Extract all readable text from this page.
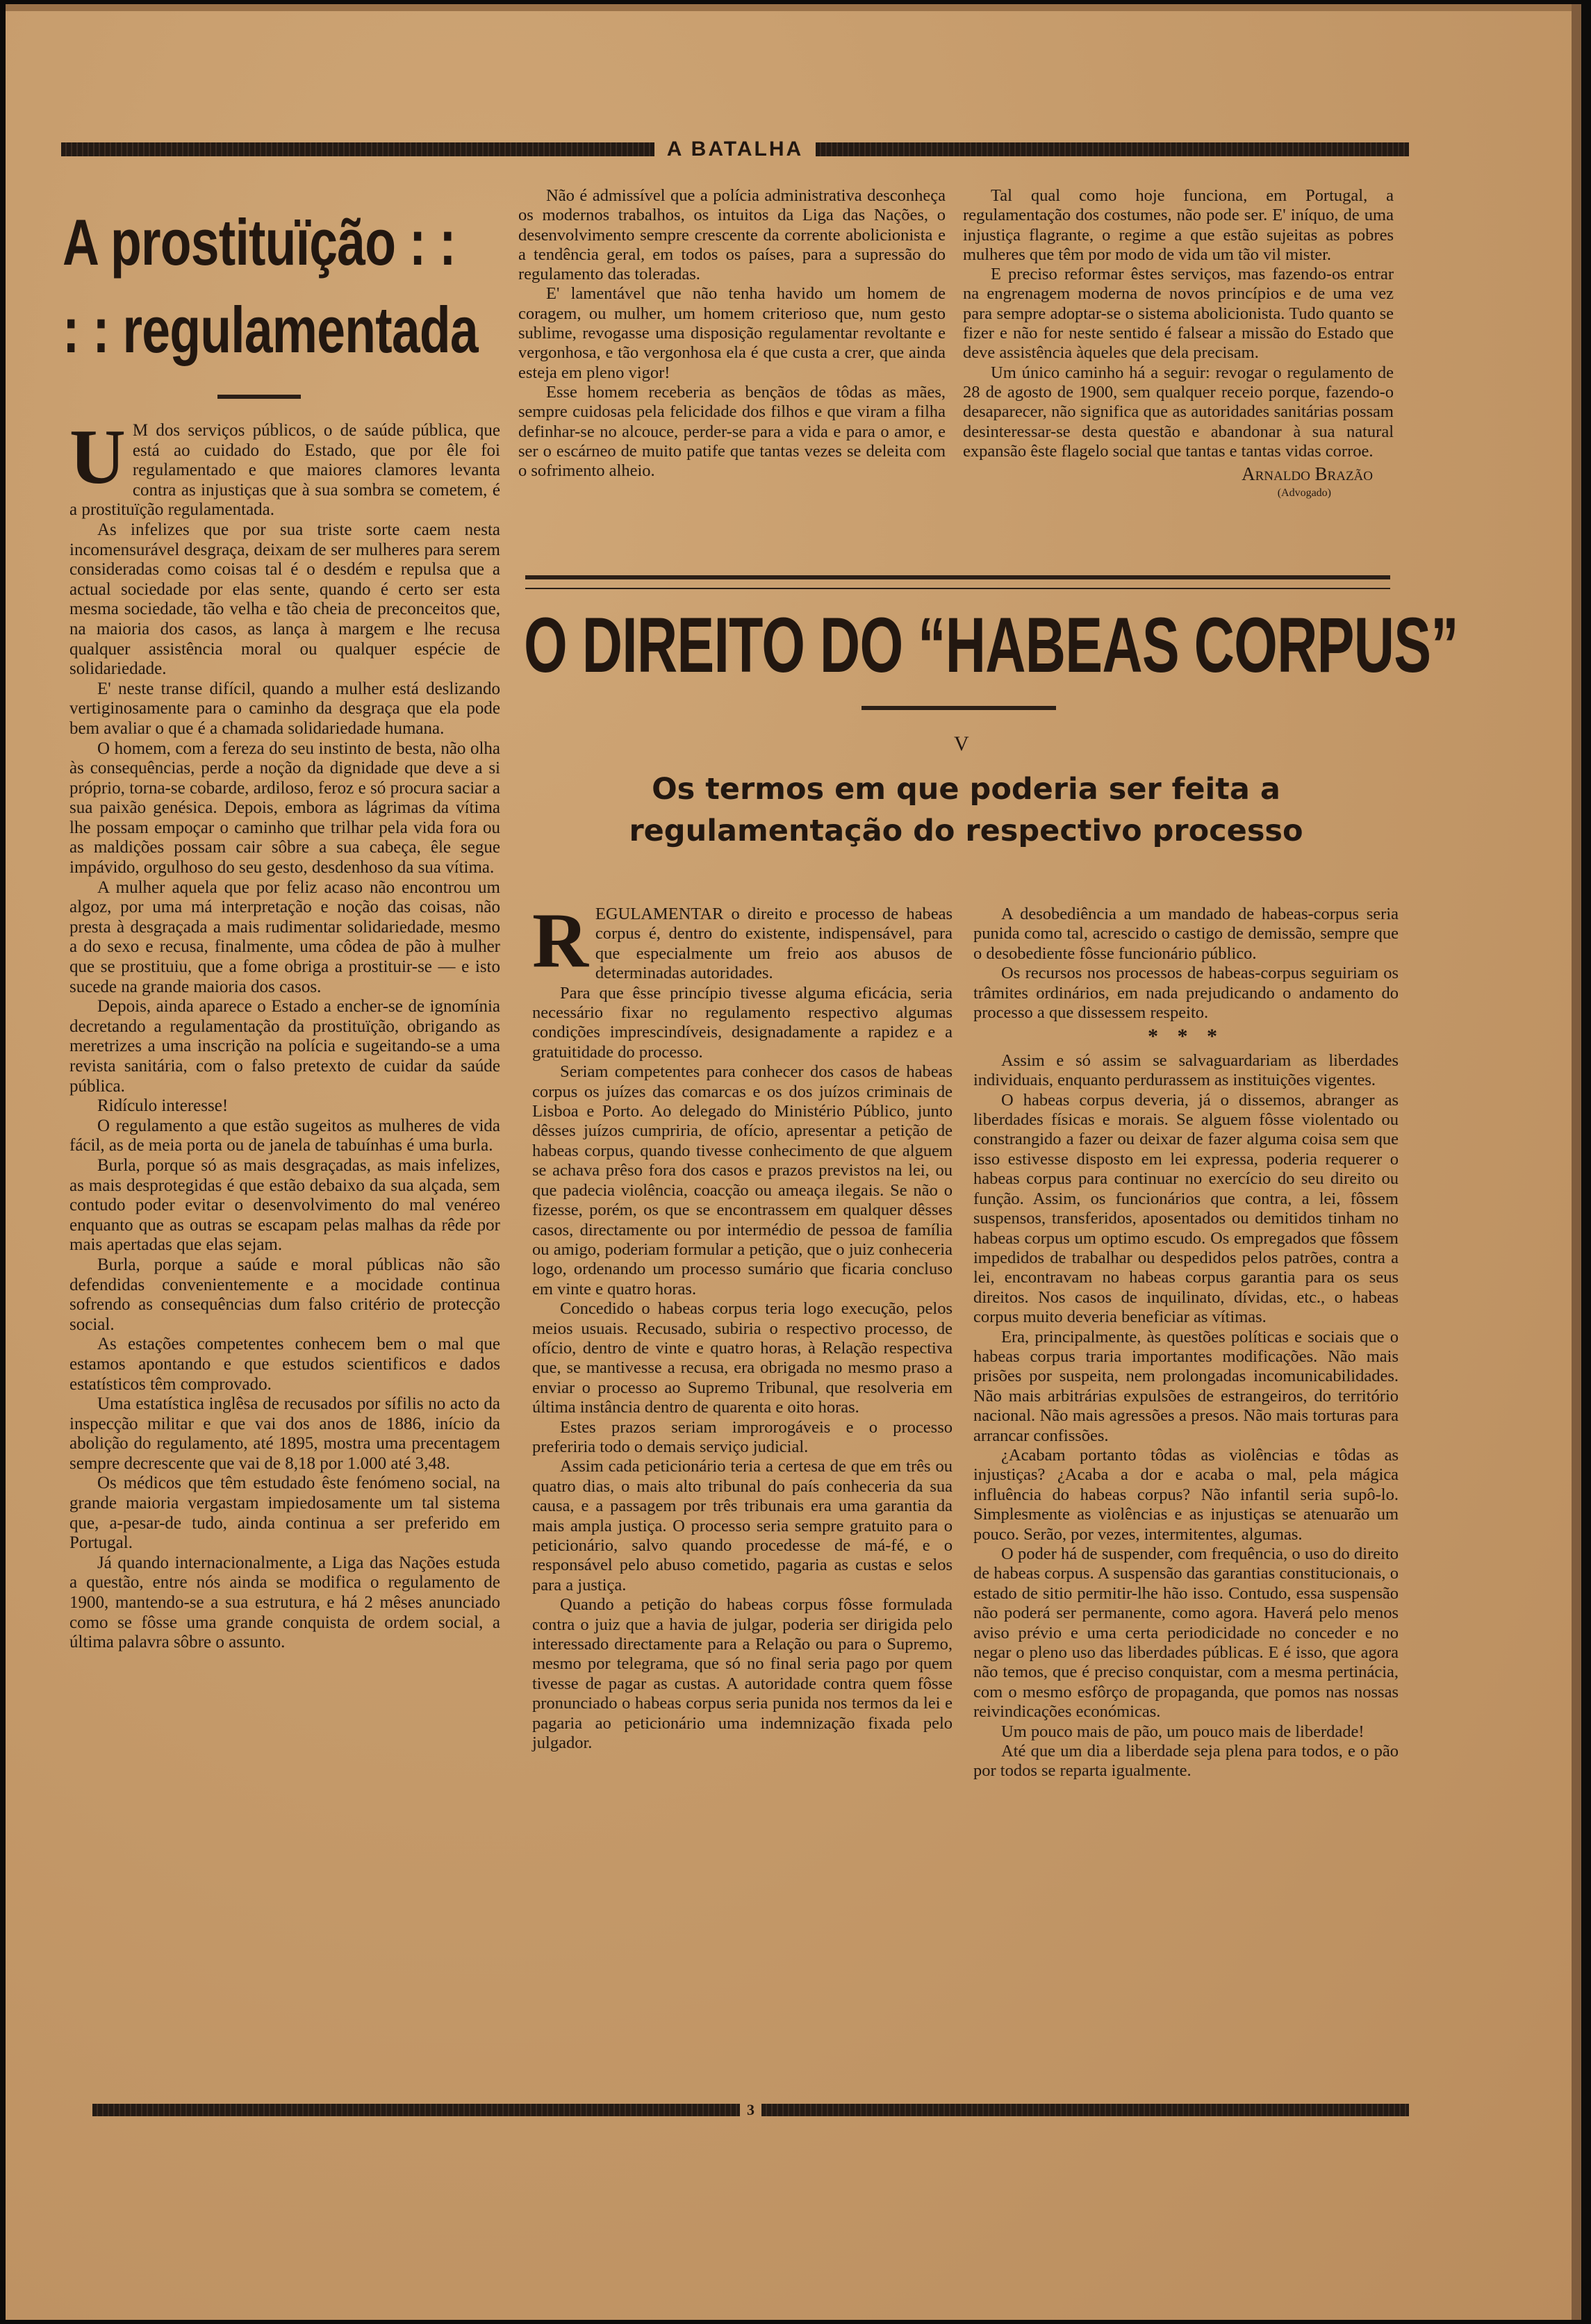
A BATALHA
A prostituïção : :
: : regulamentada

U M dos serviços públicos, o de saúde pública, que está ao cuidado do Estado, que por êle foi regulamentado e que maiores clamores levanta contra as injustiças que à sua sombra se cometem, é a prostituïção regulamentada.

As infelizes que por sua triste sorte caem nesta incomensurável desgraça, deixam de ser mulheres para serem consideradas como coisas tal é o desdém e repulsa que a actual sociedade por elas sente, quando é certo ser esta mesma sociedade, tão velha e tão cheia de preconceitos que, na maioria dos casos, as lança à margem e lhe recusa qualquer assistência moral ou qualquer espécie de solidariedade.

E' neste transe difícil, quando a mulher está deslizando vertiginosamente para o caminho da desgraça que ela pode bem avaliar o que é a chamada solidariedade humana.

O homem, com a fereza do seu instinto de besta, não olha às consequências, perde a noção da dignidade que deve a si próprio, torna-se cobarde, ardiloso, feroz e só procura saciar a sua paixão genésica. Depois, embora as lágrimas da vítima lhe possam empoçar o caminho que trilhar pela vida fora ou as maldições possam cair sôbre a sua cabeça, êle segue impávido, orgulhoso do seu gesto, desdenhoso da sua vítima.

A mulher aquela que por feliz acaso não encontrou um algoz, por uma má interpretação e noção das coisas, não presta à desgraçada a mais rudimentar solidariedade, mesmo a do sexo e recusa, finalmente, uma côdea de pão à mulher que se prostituiu, que a fome obriga a prostituir-se — e isto sucede na grande maioria dos casos.

Depois, ainda aparece o Estado a encher-se de ignomínia decretando a regulamentação da prostituïção, obrigando as meretrizes a uma inscrição na polícia e sugeitando-se a uma revista sanitária, com o falso pretexto de cuidar da saúde pública.

Ridículo interesse!

O regulamento a que estão sugeitos as mulheres de vida fácil, as de meia porta ou de janela de tabuínhas é uma burla.

Burla, porque só as mais desgraçadas, as mais infelizes, as mais desprotegidas é que estão debaixo da sua alçada, sem contudo poder evitar o desenvolvimento do mal venéreo enquanto que as outras se escapam pelas malhas da rêde por mais apertadas que elas sejam.

Burla, porque a saúde e moral públicas não são defendidas convenientemente e a mocidade continua sofrendo as consequências dum falso critério de protecção social.

As estações competentes conhecem bem o mal que estamos apontando e que estudos scientificos e dados estatísticos têm comprovado.

Uma estatística inglêsa de recusados por sífilis no acto da inspecção militar e que vai dos anos de 1886, início da abolição do regulamento, até 1895, mostra uma precentagem sempre decrescente que vai de 8,18 por 1.000 até 3,48.

Os médicos que têm estudado êste fenómeno social, na grande maioria vergastam impiedosamente um tal sistema que, a-pesar-de tudo, ainda continua a ser preferido em Portugal.

Já quando internacionalmente, a Liga das Nações estuda a questão, entre nós ainda se modifica o regulamento de 1900, mantendo-se a sua estrutura, e há 2 mêses anunciado como se fôsse uma grande conquista de ordem social, a última palavra sôbre o assunto.

Não é admissível que a polícia administrativa desconheça os modernos trabalhos, os intuitos da Liga das Nações, o desenvolvimento sempre crescente da corrente abolicionista e a tendência geral, em todos os países, para a supressão do regulamento das toleradas.

E' lamentável que não tenha havido um homem de coragem, ou mulher, um homem criterioso que, num gesto sublime, revogasse uma disposição regulamentar revoltante e vergonhosa, e tão vergonhosa ela é que custa a crer, que ainda esteja em pleno vigor!

Esse homem receberia as bençãos de tôdas as mães, sempre cuidosas pela felicidade dos filhos e que viram a filha definhar-se no alcouce, perder-se para a vida e para o amor, e ser o escárneo de muito patife que tantas vezes se deleita com o sofrimento alheio.

Tal qual como hoje funciona, em Portugal, a regulamentação dos costumes, não pode ser. E' iníquo, de uma injustiça flagrante, o regime a que estão sujeitas as pobres mulheres que têm por modo de vida um tão vil mister.

E preciso reformar êstes serviços, mas fazendo-os entrar na engrenagem moderna de novos princípios e de uma vez para sempre adoptar-se o sistema abolicionista. Tudo quanto se fizer e não for neste sentido é falsear a missão do Estado que deve assistência àqueles que dela precisam.

Um único caminho há a seguir: revogar o regulamento de 28 de agosto de 1900, sem qualquer receio porque, fazendo-o desaparecer, não significa que as autoridades sanitárias possam desinteressar-se desta questão e abandonar à sua natural expansão êste flagelo social que tantas e tantas vidas corroe.

Arnaldo Brazão
(Advogado)
O DIREITO DO “HABEAS CORPUS”
V
Os termos em que poderia ser feita a
regulamentação do respectivo processo

REGULAMENTAR o direito e processo de habeas corpus é, dentro do existente, indispensável, para que especialmente um freio aos abusos de determinadas autoridades.

Para que êsse princípio tivesse alguma eficácia, seria necessário fixar no regulamento respectivo algumas condições imprescindíveis, designadamente a rapidez e a gratuitidade do processo.

Seriam competentes para conhecer dos casos de habeas corpus os juízes das comarcas e os dos juízos criminais de Lisboa e Porto. Ao delegado do Ministério Público, junto dêsses juízos cumpriria, de ofício, apresentar a petição de habeas corpus, quando tivesse conhecimento de que alguem se achava prêso fora dos casos e prazos previstos na lei, ou que padecia violência, coacção ou ameaça ilegais. Se não o fizesse, porém, os que se encontrassem em qualquer dêsses casos, directamente ou por intermédio de pessoa de família ou amigo, poderiam formular a petição, que o juiz conheceria logo, ordenando um processo sumário que ficaria concluso em vinte e quatro horas.

Concedido o habeas corpus teria logo execução, pelos meios usuais. Recusado, subiria o respectivo processo, de ofício, dentro de vinte e quatro horas, à Relação respectiva que, se mantivesse a recusa, era obrigada no mesmo praso a enviar o processo ao Supremo Tribunal, que resolveria em última instância dentro de quarenta e oito horas.

Estes prazos seriam improrogáveis e o processo preferiria todo o demais serviço judicial.

Assim cada peticionário teria a certesa de que em três ou quatro dias, o mais alto tribunal do país conheceria da sua causa, e a passagem por três tribunais era uma garantia da mais ampla justiça. O processo seria sempre gratuito para o peticionário, salvo quando procedesse de má-fé, e o responsável pelo abuso cometido, pagaria as custas e selos para a justiça.

Quando a petição do habeas corpus fôsse formulada contra o juiz que a havia de julgar, poderia ser dirigida pelo interessado directamente para a Relação ou para o Supremo, mesmo por telegrama, que só no final seria pago por quem tivesse de pagar as custas. A autoridade contra quem fôsse pronunciado o habeas corpus seria punida nos termos da lei e pagaria ao peticionário uma indemnização fixada pelo julgador.

A desobediência a um mandado de habeas-corpus seria punida como tal, acrescido o castigo de demissão, sempre que o desobediente fôsse funcionário público.

Os recursos nos processos de habeas-corpus seguiriam os trâmites ordinários, em nada prejudicando o andamento do processo a que dissessem respeito.

* * *

Assim e só assim se salvaguardariam as liberdades individuais, enquanto perdurassem as instituições vigentes.

O habeas corpus deveria, já o dissemos, abranger as liberdades físicas e morais. Se alguem fôsse violentado ou constrangido a fazer ou deixar de fazer alguma coisa sem que isso estivesse disposto em lei expressa, poderia requerer o habeas corpus para continuar no exercício do seu direito ou função. Assim, os funcionários que contra, a lei, fôssem suspensos, transferidos, aposentados ou demitidos tinham no habeas corpus um optimo escudo. Os empregados que fôssem impedidos de trabalhar ou despedidos pelos patrões, contra a lei, encontravam no habeas corpus garantia para os seus direitos. Nos casos de inquilinato, dívidas, etc., o habeas corpus muito deveria beneficiar as vítimas.

Era, principalmente, às questões políticas e sociais que o habeas corpus traria importantes modificações. Não mais prisões por suspeita, nem prolongadas incomunicabilidades. Não mais arbitrárias expulsões de estrangeiros, do território nacional. Não mais agressões a presos. Não mais torturas para arrancar confissões.

¿Acabam portanto tôdas as violências e tôdas as injustiças? ¿Acaba a dor e acaba o mal, pela mágica influência do habeas corpus? Não infantil seria supô-lo. Simplesmente as violências e as injustiças se atenuarão um pouco. Serão, por vezes, intermitentes, algumas.

O poder há de suspender, com frequência, o uso do direito de habeas corpus. A suspensão das garantias constitucionais, o estado de sitio permitir-lhe hão isso. Contudo, essa suspensão não poderá ser permanente, como agora. Haverá pelo menos aviso prévio e uma certa periodicidade no conceder e no negar o pleno uso das liberdades públicas. E é isso, que agora não temos, que é preciso conquistar, com a mesma pertinácia, com o mesmo esfôrço de propaganda, que pomos nas nossas reivindicações económicas.

Um pouco mais de pão, um pouco mais de liberdade!

Até que um dia a liberdade seja plena para todos, e o pão por todos se reparta igualmente.

3
